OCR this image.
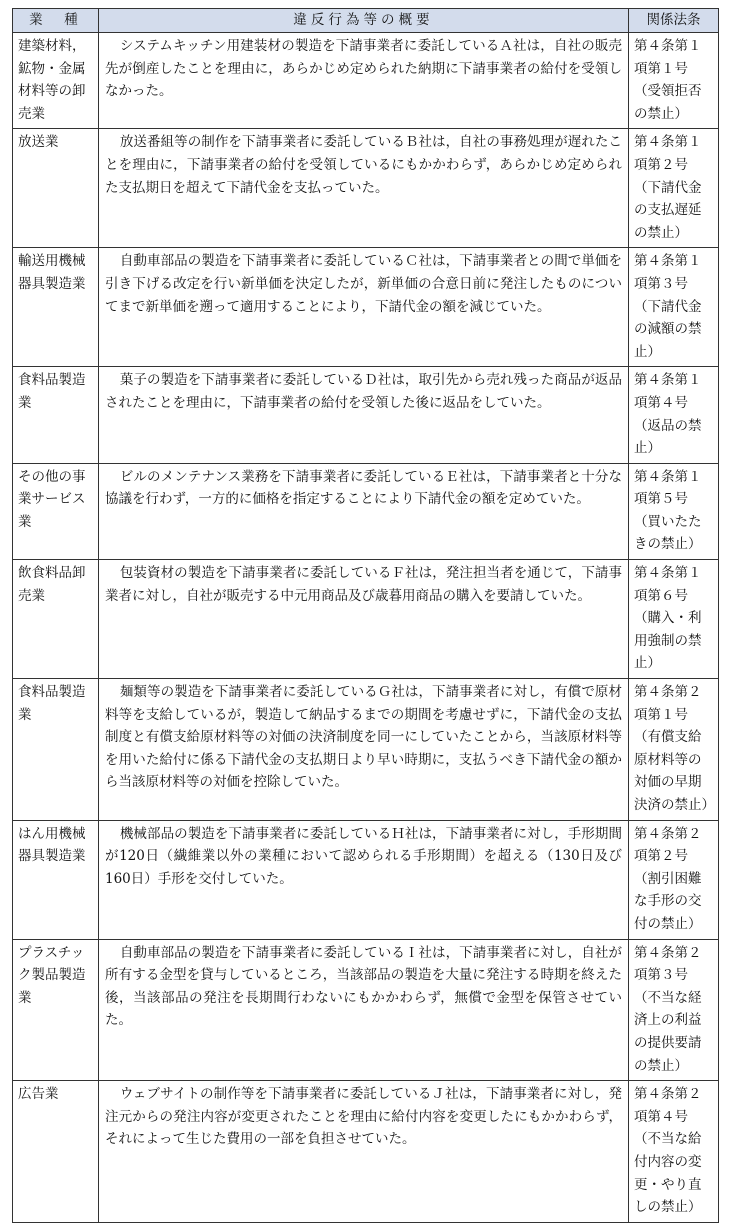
業　種	違反行為等の概要	関係法条
建築材料，鉱物・金属材料等の卸売業	システムキッチン用建装材の製造を下請事業者に委託しているＡ社は，自社の販売先が倒産したことを理由に，あらかじめ定められた納期に下請事業者の給付を受領しなかった。	第４条第１項第１号（受領拒否の禁止）
放送業	放送番組等の制作を下請事業者に委託しているＢ社は，自社の事務処理が遅れたことを理由に，下請事業者の給付を受領しているにもかかわらず，あらかじめ定められた支払期日を超えて下請代金を支払っていた。	第４条第１項第２号（下請代金の支払遅延の禁止）
輸送用機械器具製造業	自動車部品の製造を下請事業者に委託しているＣ社は，下請事業者との間で単価を引き下げる改定を行い新単価を決定したが，新単価の合意日前に発注したものについてまで新単価を遡って適用することにより，下請代金の額を減じていた。	第４条第１項第３号（下請代金の減額の禁止）
食料品製造業	菓子の製造を下請事業者に委託しているＤ社は，取引先から売れ残った商品が返品されたことを理由に，下請事業者の給付を受領した後に返品をしていた。	第４条第１項第４号（返品の禁止）
その他の事業サービス業	ビルのメンテナンス業務を下請事業者に委託しているＥ社は，下請事業者と十分な協議を行わず，一方的に価格を指定することにより下請代金の額を定めていた。	第４条第１項第５号（買いたたきの禁止）
飲食料品卸売業	包装資材の製造を下請事業者に委託しているＦ社は，発注担当者を通じて，下請事業者に対し，自社が販売する中元用商品及び歳暮用商品の購入を要請していた。	第４条第１項第６号（購入・利用強制の禁止）
食料品製造業	麺類等の製造を下請事業者に委託しているＧ社は，下請事業者に対し，有償で原材料等を支給しているが，製造して納品するまでの期間を考慮せずに，下請代金の支払制度と有償支給原材料等の対価の決済制度を同一にしていたことから，当該原材料等を用いた給付に係る下請代金の支払期日より早い時期に，支払うべき下請代金の額から当該原材料等の対価を控除していた。	第４条第２項第１号（有償支給原材料等の対価の早期決済の禁止）
はん用機械器具製造業	機械部品の製造を下請事業者に委託しているＨ社は，下請事業者に対し，手形期間が120日（繊維業以外の業種において認められる手形期間）を超える（130日及び160日）手形を交付していた。	第４条第２項第２号（割引困難な手形の交付の禁止）
プラスチック製品製造業	自動車部品の製造を下請事業者に委託しているＩ社は，下請事業者に対し，自社が所有する金型を貸与しているところ，当該部品の製造を大量に発注する時期を終えた後，当該部品の発注を長期間行わないにもかかわらず，無償で金型を保管させていた。	第４条第２項第３号（不当な経済上の利益の提供要請の禁止）
広告業	ウェブサイトの制作等を下請事業者に委託しているＪ社は，下請事業者に対し，発注元からの発注内容が変更されたことを理由に給付内容を変更したにもかかわらず，それによって生じた費用の一部を負担させていた。	第４条第２項第４号（不当な給付内容の変更・やり直しの禁止）
